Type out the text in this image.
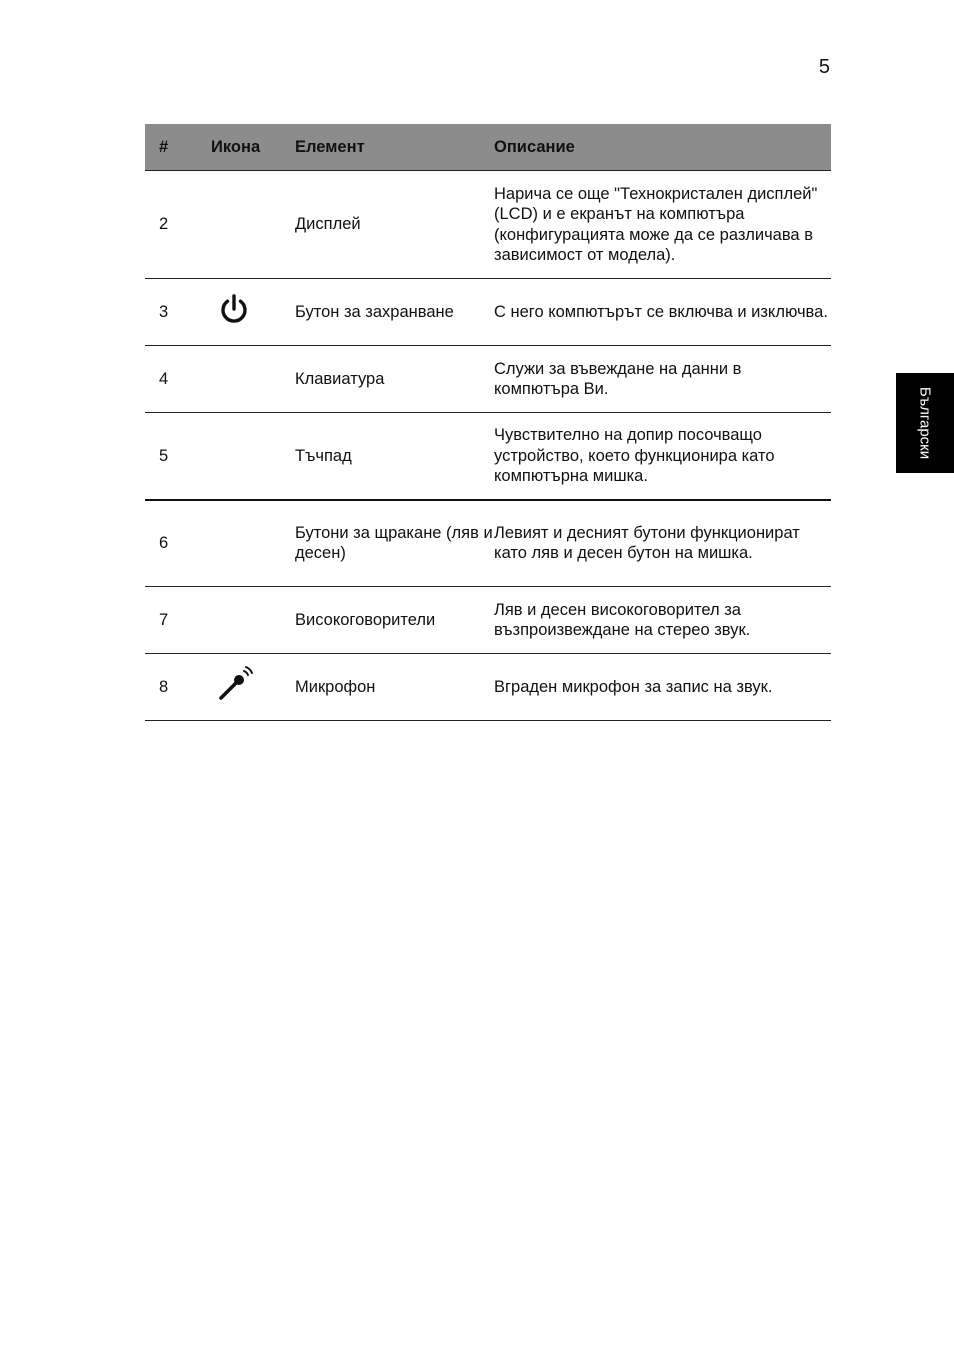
5
Български
#	Икона	Елемент	Описание
2		Дисплей	Нарича се още "Технокристален дисплей" (LCD) и е екранът на компютъра (конфигурацията може да се различава в зависимост от модела).
3		Бутон за захранване	С него компютърът се включва и изключва.
4		Клавиатура	Служи за въвеждане на данни в компютъра Ви.
5		Тъчпад	Чувствително на допир посочващо устройство, което функционира като компютърна мишка.
6		Бутони за щракане (ляв и десен)	Левият и десният бутони функционират като ляв и десен бутон на мишка.
7		Високоговорители	Ляв и десен високоговорител за възпроизвеждане на стерео звук.
8		Микрофон	Вграден микрофон за запис на звук.
